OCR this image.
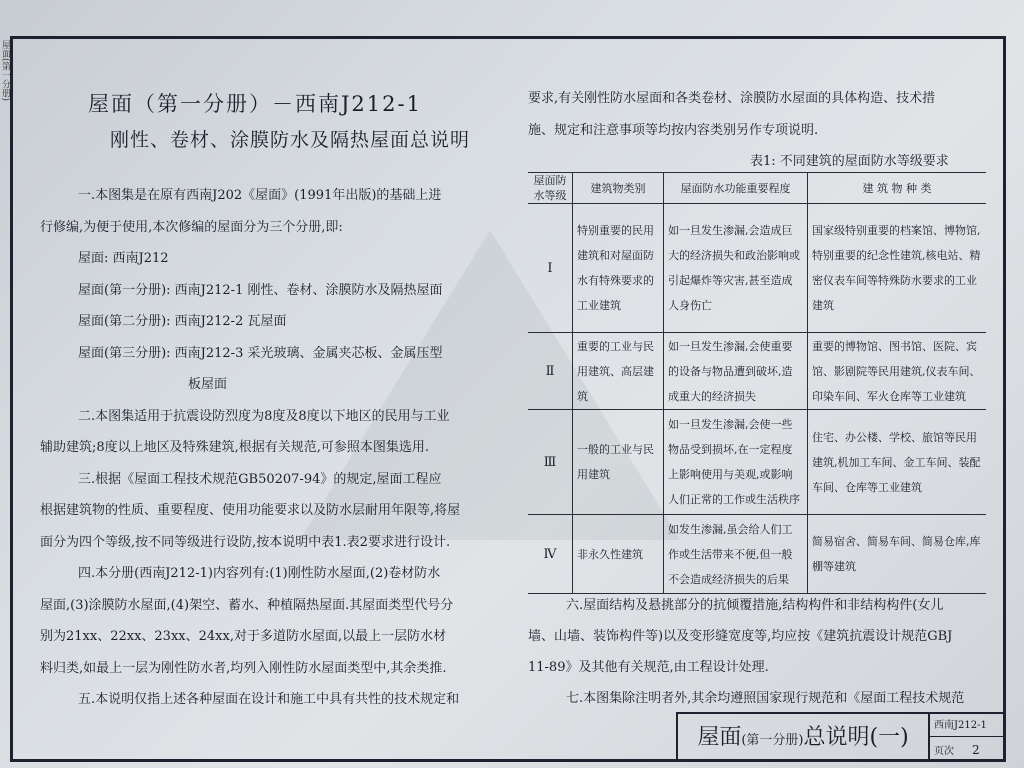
屋面(第一分册)
屋面（第一分册）－西南J212-1
刚性、卷材、涂膜防水及隔热屋面总说明

一.本图集是在原有西南J202《屋面》(1991年出版)的基础上进

行修编,为便于使用,本次修编的屋面分为三个分册,即:

屋面: 西南J212

屋面(第一分册): 西南J212-1 刚性、卷材、涂膜防水及隔热屋面

屋面(第二分册): 西南J212-2 瓦屋面

屋面(第三分册): 西南J212-3 采光玻璃、金属夹芯板、金属压型

板屋面

二.本图集适用于抗震设防烈度为8度及8度以下地区的民用与工业

辅助建筑;8度以上地区及特殊建筑,根据有关规范,可参照本图集选用.

三.根据《屋面工程技术规范GB50207-94》的规定,屋面工程应

根据建筑物的性质、重要程度、使用功能要求以及防水层耐用年限等,将屋

面分为四个等级,按不同等级进行设防,按本说明中表1.表2要求进行设计.

四.本分册(西南J212-1)内容列有:(1)刚性防水屋面,(2)卷材防水

屋面,(3)涂膜防水屋面,(4)架空、蓄水、种植隔热屋面.其屋面类型代号分

别为21xx、22xx、23xx、24xx,对于多道防水屋面,以最上一层防水材

料归类,如最上一层为刚性防水者,均列入刚性防水屋面类型中,其余类推.

五.本说明仅指上述各种屋面在设计和施工中具有共性的技术规定和

要求,有关刚性防水屋面和各类卷材、涂膜防水屋面的具体构造、技术措

施、规定和注意事项等均按内容类别另作专项说明.

表1: 不同建筑的屋面防水等级要求
屋面防水等级	建筑物类别	屋面防水功能重要程度	建 筑 物 种 类
Ⅰ	特别重要的民用建筑和对屋面防水有特殊要求的工业建筑	如一旦发生渗漏,会造成巨大的经济损失和政治影响或引起爆炸等灾害,甚至造成人身伤亡	国家级特别重要的档案馆、博物馆,特别重要的纪念性建筑,核电站、精密仪表车间等特殊防水要求的工业建筑
Ⅱ	重要的工业与民用建筑、高层建筑	如一旦发生渗漏,会使重要的设备与物品遭到破坏,造成重大的经济损失	重要的博物馆、图书馆、医院、宾馆、影剧院等民用建筑,仪表车间、印染车间、军火仓库等工业建筑
Ⅲ	一般的工业与民用建筑	如一旦发生渗漏,会使一些物品受到损坏,在一定程度上影响使用与美观,或影响人们正常的工作或生活秩序	住宅、办公楼、学校、旅馆等民用建筑,机加工车间、金工车间、装配车间、仓库等工业建筑
Ⅳ	非永久性建筑	如发生渗漏,虽会给人们工作或生活带来不便,但一般不会造成经济损失的后果	简易宿舍、简易车间、简易仓库,库棚等建筑

六.屋面结构及悬挑部分的抗倾覆措施,结构构件和非结构构件(女儿

墙、山墙、装饰构件等)以及变形缝宽度等,均应按《建筑抗震设计规范GBJ

11-89》及其他有关规范,由工程设计处理.

七.本图集除注明者外,其余均遵照国家现行规范和《屋面工程技术规范

屋面(第一分册)总说明(一)	西南J212-1
页次 2
